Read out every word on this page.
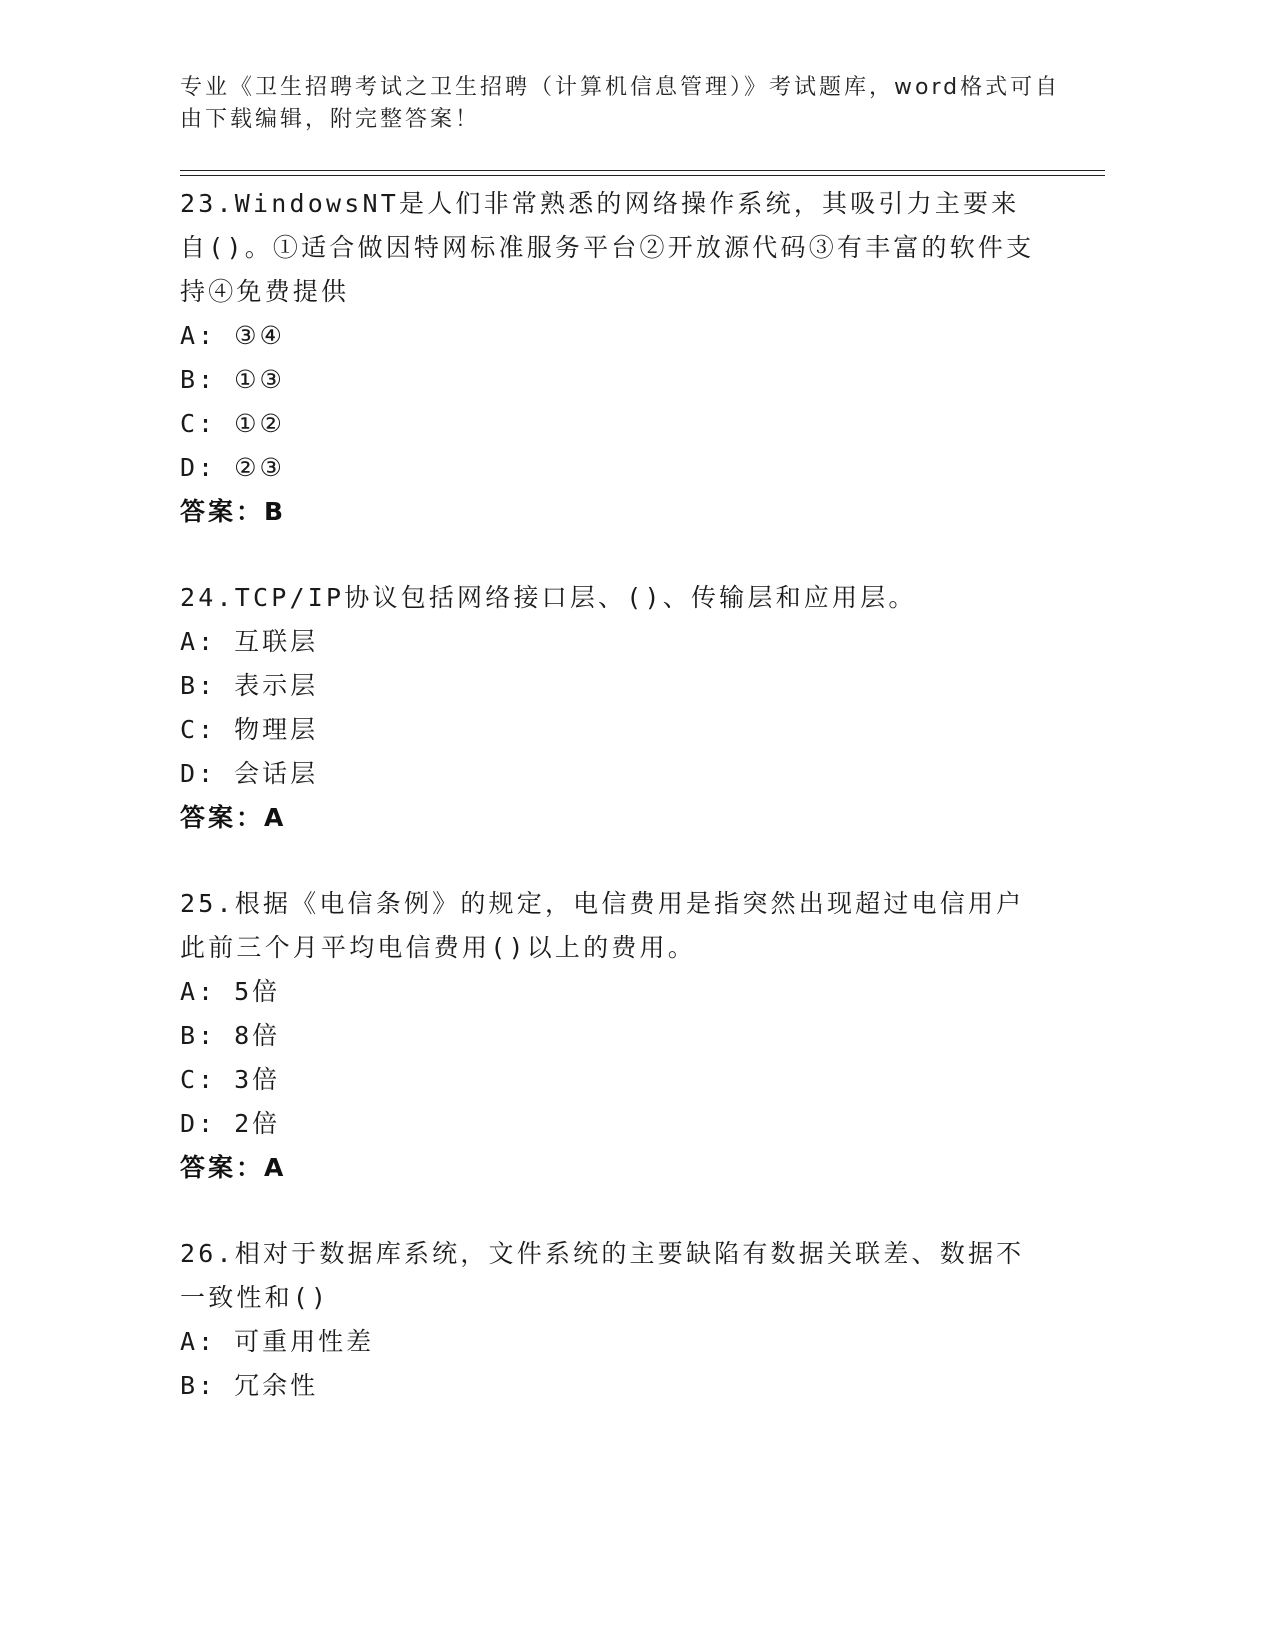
专业《卫生招聘考试之卫生招聘（计算机信息管理）》考试题库，word格式可自
由下载编辑，附完整答案！

23.WindowsNT是人们非常熟悉的网络操作系统，其吸引力主要来自()。①适合做因特网标准服务平台②开放源代码③有丰富的软件支持④免费提供

A: ③④
B: ①③
C: ①②
D: ②③
答案：B

24.TCP/IP协议包括网络接口层、()、传输层和应用层。

A: 互联层
B: 表示层
C: 物理层
D: 会话层
答案：A

25.根据《电信条例》的规定，电信费用是指突然出现超过电信用户此前三个月平均电信费用()以上的费用。

A: 5倍
B: 8倍
C: 3倍
D: 2倍
答案：A

26.相对于数据库系统，文件系统的主要缺陷有数据关联差、数据不一致性和()

A: 可重用性差
B: 冗余性
